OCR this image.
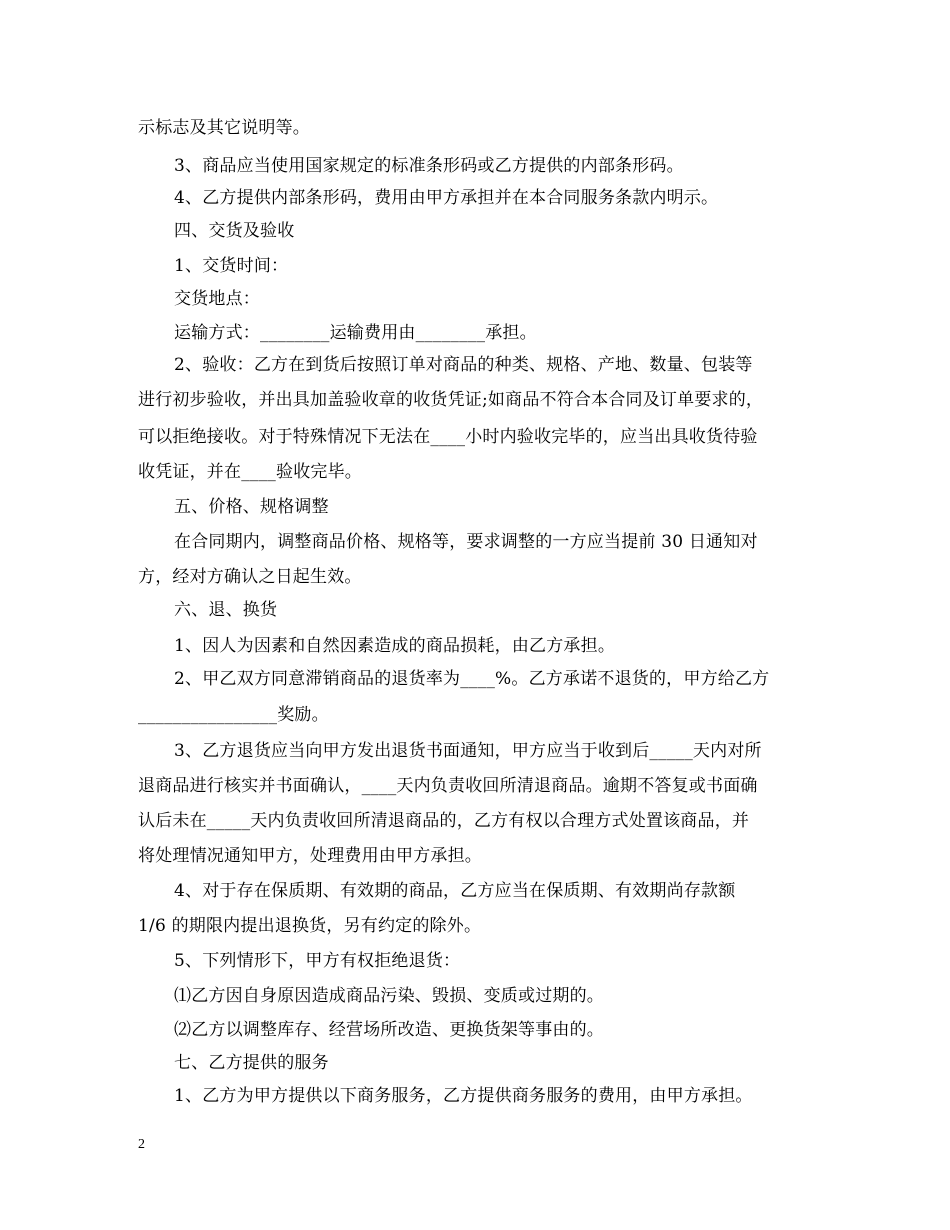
示标志及其它说明等。
3、商品应当使用国家规定的标准条形码或乙方提供的内部条形码。
4、乙方提供内部条形码，费用由甲方承担并在本合同服务条款内明示。
四、交货及验收
1、交货时间：
交货地点：
运输方式：________运输费用由________承担。
2、验收：乙方在到货后按照订单对商品的种类、规格、产地、数量、包装等
进行初步验收，并出具加盖验收章的收货凭证;如商品不符合本合同及订单要求的，
可以拒绝接收。对于特殊情况下无法在____小时内验收完毕的，应当出具收货待验
收凭证，并在____验收完毕。
五、价格、规格调整
在合同期内，调整商品价格、规格等，要求调整的一方应当提前 30 日通知对
方，经对方确认之日起生效。
六、退、换货
1、因人为因素和自然因素造成的商品损耗，由乙方承担。
2、甲乙双方同意滞销商品的退货率为____%。乙方承诺不退货的，甲方给乙方
________________奖励。
3、乙方退货应当向甲方发出退货书面通知，甲方应当于收到后_____天内对所
退商品进行核实并书面确认，____天内负责收回所清退商品。逾期不答复或书面确
认后未在_____天内负责收回所清退商品的，乙方有权以合理方式处置该商品，并
将处理情况通知甲方，处理费用由甲方承担。
4、对于存在保质期、有效期的商品，乙方应当在保质期、有效期尚存款额
1/6 的期限内提出退换货，另有约定的除外。
5、下列情形下，甲方有权拒绝退货：
⑴乙方因自身原因造成商品污染、毁损、变质或过期的。
⑵乙方以调整库存、经营场所改造、更换货架等事由的。
七、乙方提供的服务
1、乙方为甲方提供以下商务服务，乙方提供商务服务的费用，由甲方承担。
2
